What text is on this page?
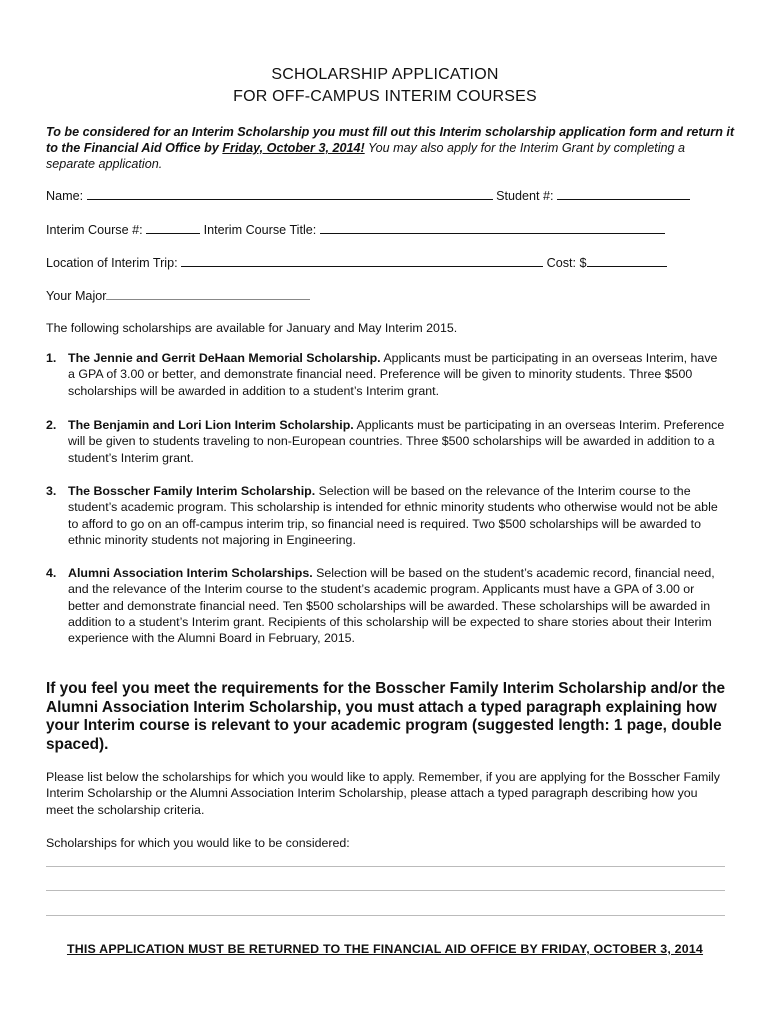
SCHOLARSHIP APPLICATION
FOR OFF-CAMPUS INTERIM COURSES
To be considered for an Interim Scholarship you must fill out this Interim scholarship application form and return it to the Financial Aid Office by Friday, October 3, 2014! You may also apply for the Interim Grant by completing a separate application.
Name:	Student #:
Interim Course #:	Interim Course Title:
Location of Interim Trip:	Cost: $
Your Major
The following scholarships are available for January and May Interim 2015.
1. The Jennie and Gerrit DeHaan Memorial Scholarship. Applicants must be participating in an overseas Interim, have a GPA of 3.00 or better, and demonstrate financial need. Preference will be given to minority students. Three $500 scholarships will be awarded in addition to a student’s Interim grant.
2. The Benjamin and Lori Lion Interim Scholarship. Applicants must be participating in an overseas Interim. Preference will be given to students traveling to non-European countries. Three $500 scholarships will be awarded in addition to a student’s Interim grant.
3. The Bosscher Family Interim Scholarship. Selection will be based on the relevance of the Interim course to the student’s academic program. This scholarship is intended for ethnic minority students who otherwise would not be able to afford to go on an off-campus interim trip, so financial need is required. Two $500 scholarships will be awarded to ethnic minority students not majoring in Engineering.
4. Alumni Association Interim Scholarships. Selection will be based on the student’s academic record, financial need, and the relevance of the Interim course to the student’s academic program. Applicants must have a GPA of 3.00 or better and demonstrate financial need. Ten $500 scholarships will be awarded. These scholarships will be awarded in addition to a student’s Interim grant. Recipients of this scholarship will be expected to share stories about their Interim experience with the Alumni Board in February, 2015.
If you feel you meet the requirements for the Bosscher Family Interim Scholarship and/or the Alumni Association Interim Scholarship, you must attach a typed paragraph explaining how your Interim course is relevant to your academic program (suggested length: 1 page, double spaced).
Please list below the scholarships for which you would like to apply. Remember, if you are applying for the Bosscher Family Interim Scholarship or the Alumni Association Interim Scholarship, please attach a typed paragraph describing how you meet the scholarship criteria.
Scholarships for which you would like to be considered:
THIS APPLICATION MUST BE RETURNED TO THE FINANCIAL AID OFFICE BY FRIDAY, OCTOBER 3, 2014
